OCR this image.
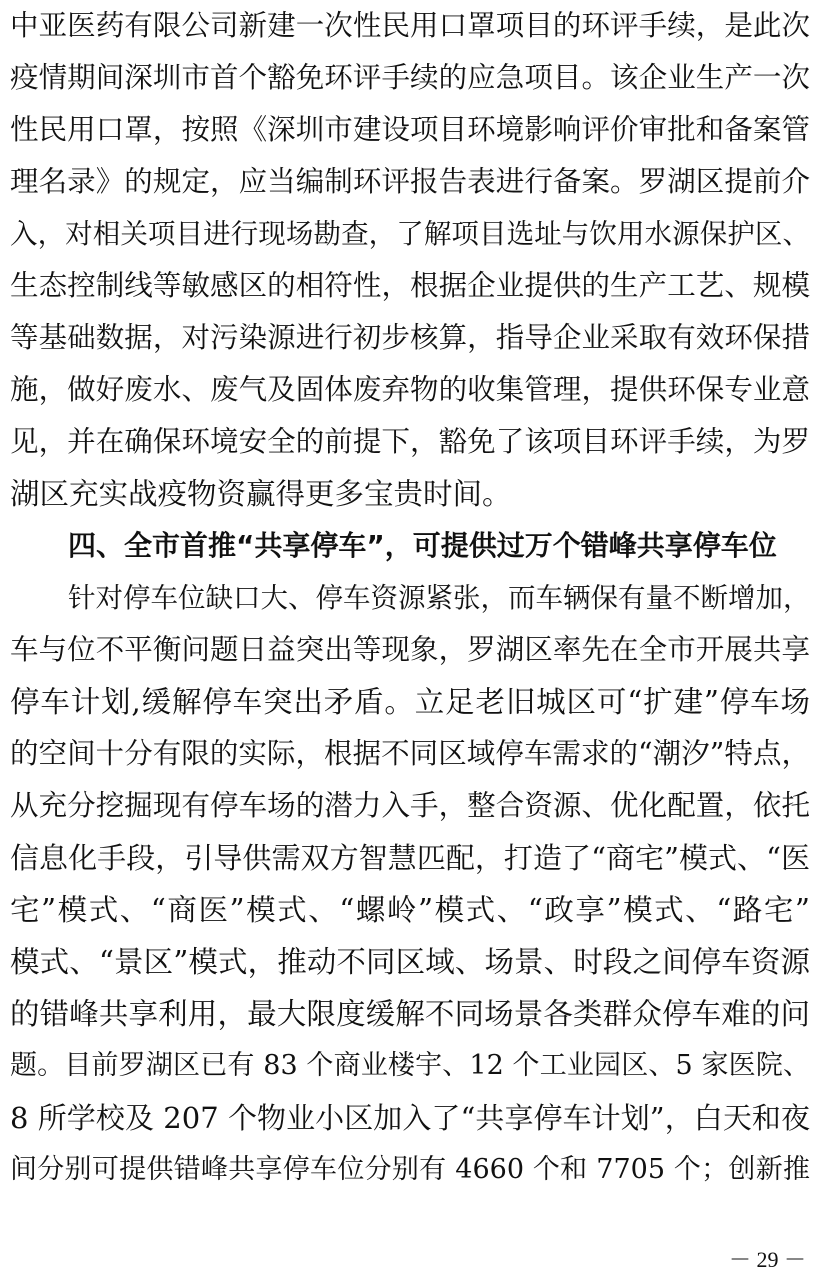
中亚医药有限公司新建一次性民用口罩项目的环评手续，是此次
疫情期间深圳市首个豁免环评手续的应急项目。该企业生产一次
性民用口罩，按照《深圳市建设项目环境影响评价审批和备案管
理名录》的规定，应当编制环评报告表进行备案。罗湖区提前介
入，对相关项目进行现场勘查，了解项目选址与饮用水源保护区、
生态控制线等敏感区的相符性，根据企业提供的生产工艺、规模
等基础数据，对污染源进行初步核算，指导企业采取有效环保措
施，做好废水、废气及固体废弃物的收集管理，提供环保专业意
见，并在确保环境安全的前提下，豁免了该项目环评手续，为罗
湖区充实战疫物资赢得更多宝贵时间。
四、全市首推“共享停车”，可提供过万个错峰共享停车位
针对停车位缺口大、停车资源紧张，而车辆保有量不断增加，
车与位不平衡问题日益突出等现象，罗湖区率先在全市开展共享
停车计划,缓解停车突出矛盾。立足老旧城区可“扩建”停车场
的空间十分有限的实际，根据不同区域停车需求的“潮汐”特点，
从充分挖掘现有停车场的潜力入手，整合资源、优化配置，依托
信息化手段，引导供需双方智慧匹配，打造了“商宅”模式、“医
宅”模式、“商医”模式、“螺岭”模式、“政享”模式、“路宅”
模式、“景区”模式，推动不同区域、场景、时段之间停车资源
的错峰共享利用，最大限度缓解不同场景各类群众停车难的问
题。目前罗湖区已有 83 个商业楼宇、12 个工业园区、5 家医院、
8 所学校及 207 个物业小区加入了“共享停车计划”，白天和夜
间分别可提供错峰共享停车位分别有 4660 个和 7705 个；创新推
－ 29 －
